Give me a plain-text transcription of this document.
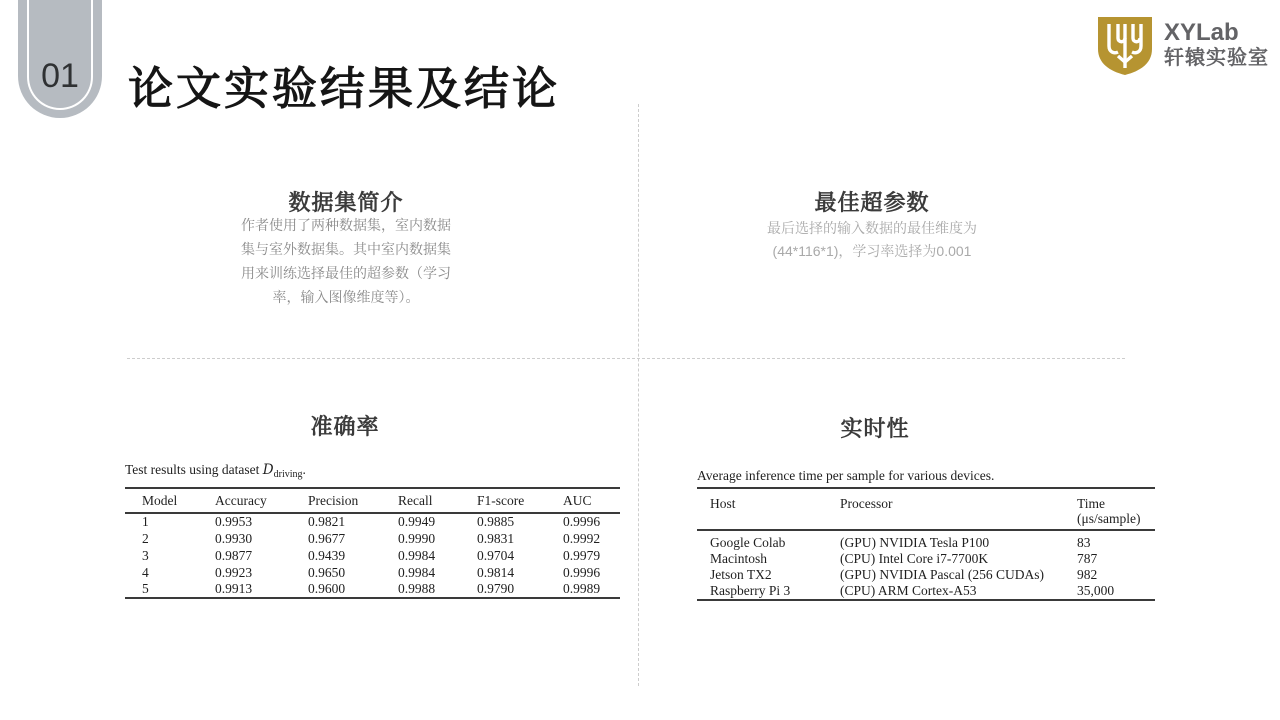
01 论文实验结果及结论
XYLab
轩辕实验室
数据集简介
作者使用了两种数据集，室内数据集与室外数据集。其中室内数据集用来训练选择最佳的超参数（学习率，输入图像维度等）。
最佳超参数
最后选择的输入数据的最佳维度为(44*116*1)，学习率选择为0.001
准确率
Test results using dataset $D_{driving}$.
Model	Accuracy	Precision	Recall	F1-score	AUC
1	0.9953	0.9821	0.9949	0.9885	0.9996
2	0.9930	0.9677	0.9990	0.9831	0.9992
3	0.9877	0.9439	0.9984	0.9704	0.9979
4	0.9923	0.9650	0.9984	0.9814	0.9996
5	0.9913	0.9600	0.9988	0.9790	0.9989
实时性
Average inference time per sample for various devices.
Host	Processor	Time
(μs/sample)

Google Colab	(GPU) NVIDIA Tesla P100	83
Macintosh	(CPU) Intel Core i7-7700K	787
Jetson TX2	(GPU) NVIDIA Pascal (256 CUDAs)	982
Raspberry Pi 3	(CPU) ARM Cortex-A53	35,000
